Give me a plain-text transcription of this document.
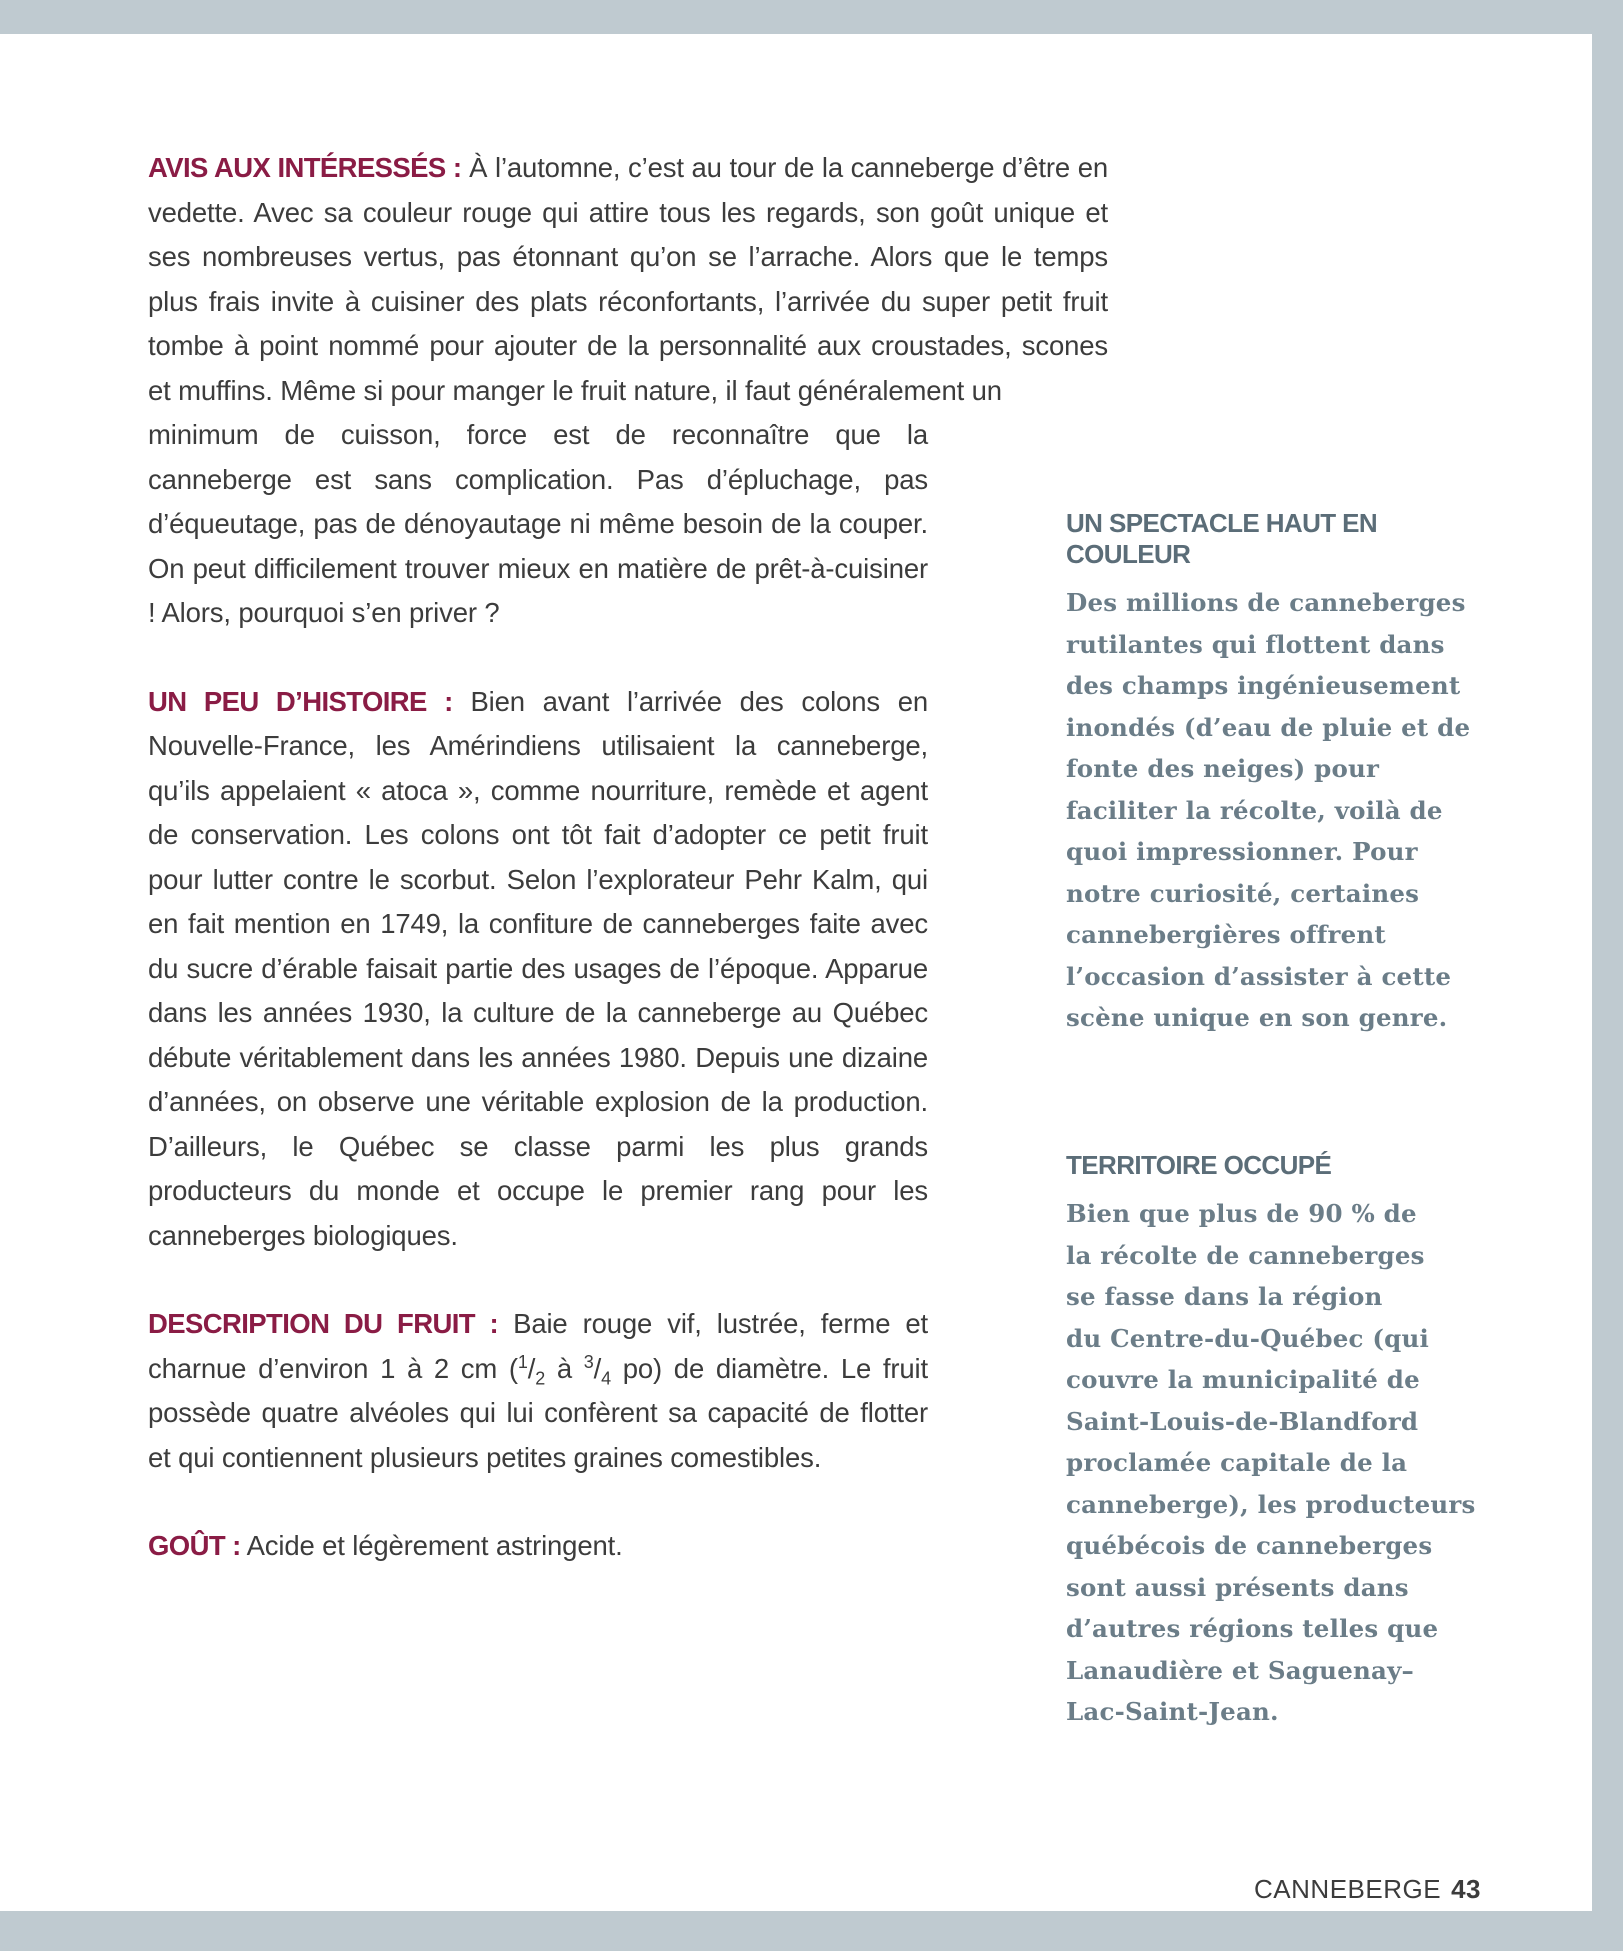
AVIS AUX INTÉRESSÉS : À l’automne, c’est au tour de la canneberge d’être en vedette. Avec sa couleur rouge qui attire tous les regards, son goût unique et ses nombreuses vertus, pas étonnant qu’on se l’arrache. Alors que le temps plus frais invite à cuisiner des plats réconfortants, l’arrivée du super petit fruit tombe à point nommé pour ajouter de la personnalité aux croustades, scones et muffins. Même si pour manger le fruit nature, il faut généralement un

minimum de cuisson, force est de reconnaître que la canneberge est sans complication. Pas d’épluchage, pas d’équeutage, pas de dénoyautage ni même besoin de la couper. On peut difficilement trouver mieux en matière de prêt-à-cuisiner ! Alors, pourquoi s’en priver ?

UN PEU D’HISTOIRE : Bien avant l’arrivée des colons en Nouvelle-France, les Amérindiens utilisaient la canneberge, qu’ils appelaient « atoca », comme nourriture, remède et agent de conservation. Les colons ont tôt fait d’adopter ce petit fruit pour lutter contre le scorbut. Selon l’explorateur Pehr Kalm, qui en fait mention en 1749, la confiture de canneberges faite avec du sucre d’érable faisait partie des usages de l’époque. Apparue dans les années 1930, la culture de la canneberge au Québec débute véritablement dans les années 1980. Depuis une dizaine d’années, on observe une véritable explosion de la production. D’ailleurs, le Québec se classe parmi les plus grands producteurs du monde et occupe le premier rang pour les canneberges biologiques.

DESCRIPTION DU FRUIT : Baie rouge vif, lustrée, ferme et charnue d’environ 1 à 2 cm ($^1/_2$ à $^3/_4$ po) de diamètre. Le fruit possède quatre alvéoles qui lui confèrent sa capacité de flotter et qui contiennent plusieurs petites graines comestibles.

GOÛT : Acide et légèrement astringent.

UN SPECTACLE HAUT EN COULEUR
Des millions de canneberges
rutilantes qui flottent dans
des champs ingénieusement
inondés (d’eau de pluie et de
fonte des neiges) pour
faciliter la récolte, voilà de
quoi impressionner. Pour
notre curiosité, certaines
cannebergières offrent
l’occasion d’assister à cette
scène unique en son genre.
TERRITOIRE OCCUPÉ
Bien que plus de 90 % de
la récolte de canneberges
se fasse dans la région
du Centre-du-Québec (qui
couvre la municipalité de
Saint-Louis-de-Blandford
proclamée capitale de la
canneberge), les producteurs
québécois de canneberges
sont aussi présents dans
d’autres régions telles que
Lanaudière et Saguenay–
Lac-Saint-Jean.
CANNEBERGE 43
